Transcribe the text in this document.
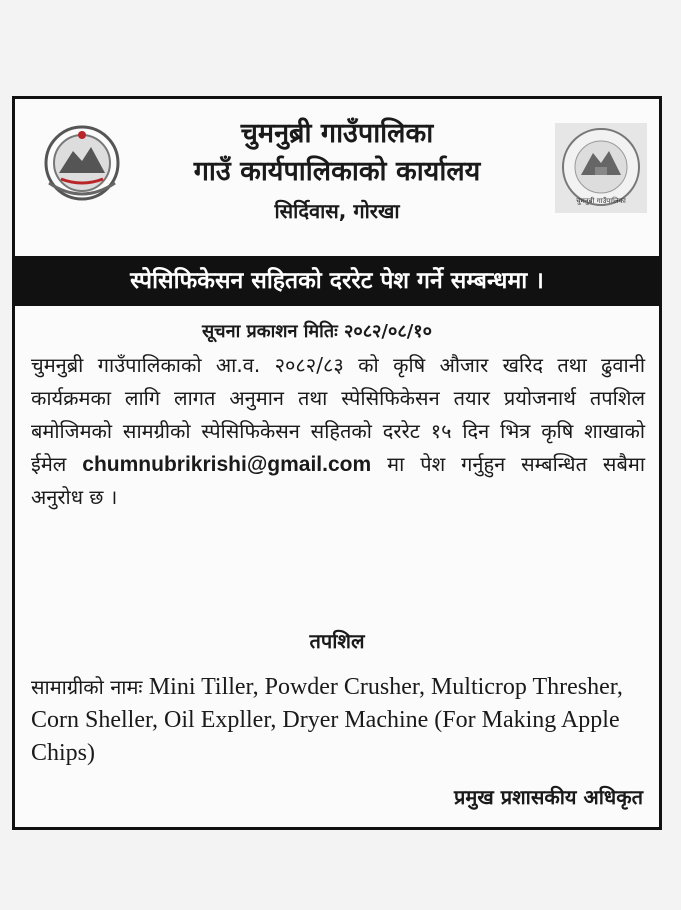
चुमनुब्री गाउँपालिका
गाउँ कार्यपालिकाको कार्यालय
सिर्दिवास, गोरखा	चुमनुब्री गाउँपालिका
स्पेसिफिकेसन सहितको दररेट पेश गर्ने सम्बन्धमा ।
सूचना प्रकाशन मितिः २०८२/०८/१०
चुमनुब्री गाउँपालिकाको आ.व. २०८२/८३ को कृषि औजार खरिद तथा ढुवानी कार्यक्रमका लागि लागत अनुमान तथा स्पेसिफिकेसन तयार प्रयोजनार्थ तपशिल बमोजिमको सामग्रीको स्पेसिफिकेसन सहितको दररेट १५ दिन भित्र कृषि शाखाको ईमेल chumnubrikrishi@gmail.com मा पेश गर्नुहुन सम्बन्धित सबैमा अनुरोध छ ।
तपशिल
सामाग्रीको नामः Mini Tiller, Powder Crusher, Multicrop Thresher, Corn Sheller, Oil Expller, Dryer Machine (For Making Apple Chips)
प्रमुख प्रशासकीय अधिकृत
